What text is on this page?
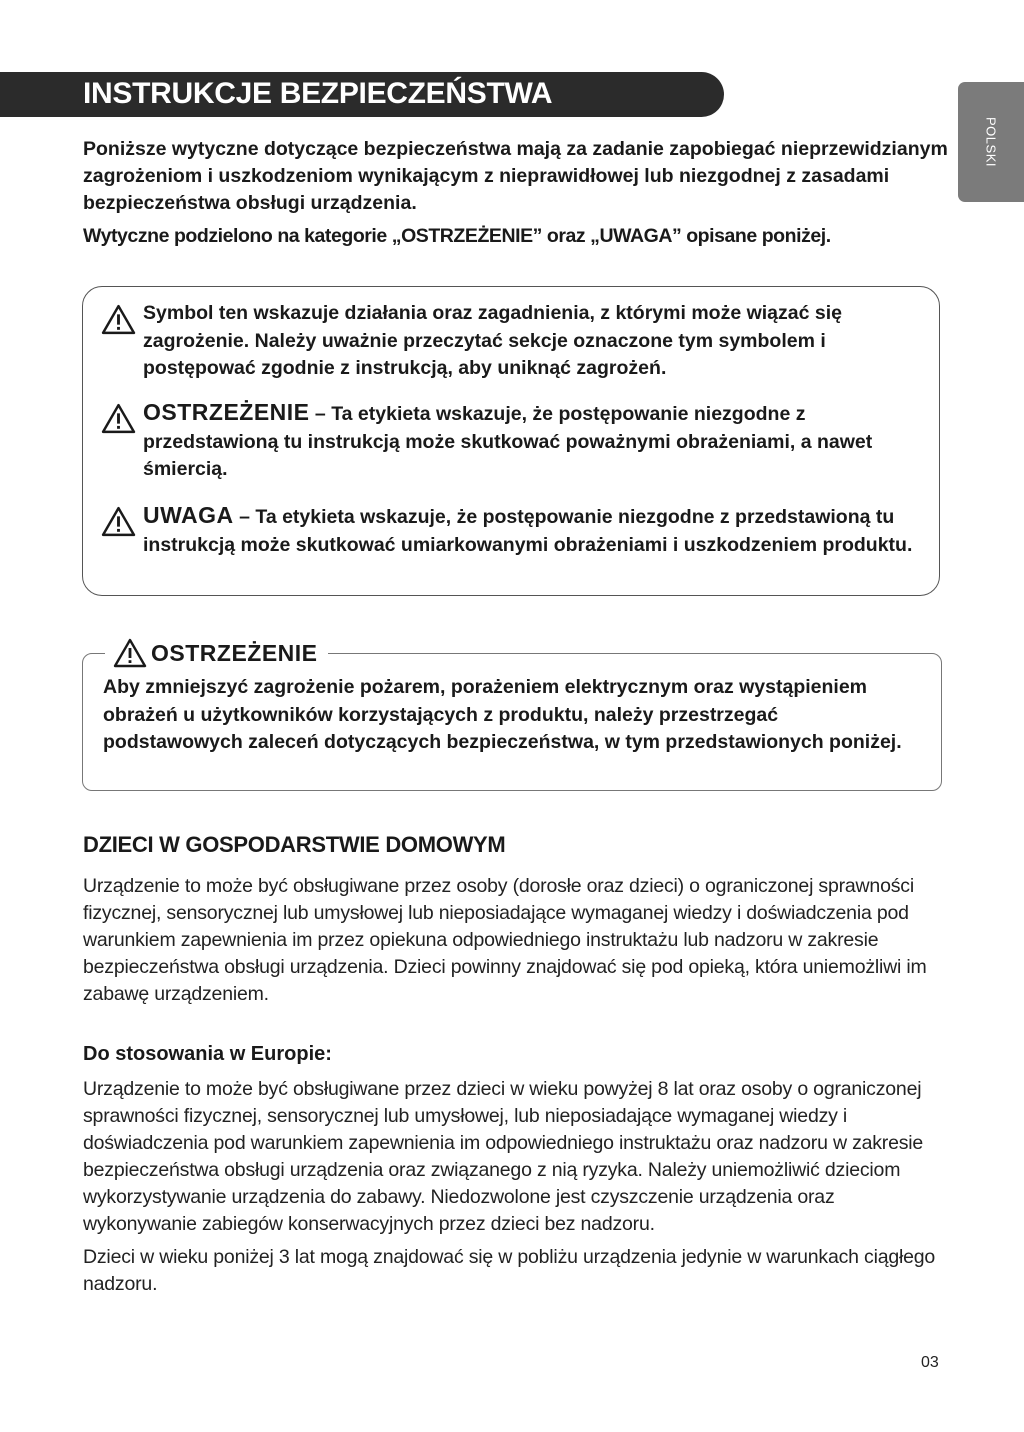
INSTRUKCJE BEZPIECZEŃSTWA
POLSKI

Poniższe wytyczne dotyczące bezpieczeństwa mają za zadanie zapobiegać nieprzewidzianym zagrożeniom i uszkodzeniom wynikającym z nieprawidłowej lub niezgodnej z zasadami bezpieczeństwa obsługi urządzenia.

Wytyczne podzielono na kategorie „OSTRZEŻENIE” oraz „UWAGA” opisane poniżej.

Symbol ten wskazuje działania oraz zagadnienia, z którymi może wiązać się zagrożenie. Należy uważnie przeczytać sekcje oznaczone tym symbolem i postępować zgodnie z instrukcją, aby uniknąć zagrożeń.
OSTRZEŻENIE – Ta etykieta wskazuje, że postępowanie niezgodne z przedstawioną tu instrukcją może skutkować poważnymi obrażeniami, a nawet śmiercią.
UWAGA – Ta etykieta wskazuje, że postępowanie niezgodne z przedstawioną tu instrukcją może skutkować umiarkowanymi obrażeniami i uszkodzeniem produktu.
OSTRZEŻENIE
Aby zmniejszyć zagrożenie pożarem, porażeniem elektrycznym oraz wystąpieniem obrażeń u użytkowników korzystających z produktu, należy przestrzegać podstawowych zaleceń dotyczących bezpieczeństwa, w tym przedstawionych poniżej.
DZIECI W GOSPODARSTWIE DOMOWYM

Urządzenie to może być obsługiwane przez osoby (dorosłe oraz dzieci) o ograniczonej sprawności fizycznej, sensorycznej lub umysłowej lub nieposiadające wymaganej wiedzy i doświadczenia pod warunkiem zapewnienia im przez opiekuna odpowiedniego instruktażu lub nadzoru w zakresie bezpieczeństwa obsługi urządzenia. Dzieci powinny znajdować się pod opieką, która uniemożliwi im zabawę urządzeniem.

Do stosowania w Europie:

Urządzenie to może być obsługiwane przez dzieci w wieku powyżej 8 lat oraz osoby o ograniczonej sprawności fizycznej, sensorycznej lub umysłowej, lub nieposiadające wymaganej wiedzy i doświadczenia pod warunkiem zapewnienia im odpowiedniego instruktażu oraz nadzoru w zakresie bezpieczeństwa obsługi urządzenia oraz związanego z nią ryzyka. Należy uniemożliwić dzieciom wykorzystywanie urządzenia do zabawy. Niedozwolone jest czyszczenie urządzenia oraz wykonywanie zabiegów konserwacyjnych przez dzieci bez nadzoru.

Dzieci w wieku poniżej 3 lat mogą znajdować się w pobliżu urządzenia jedynie w warunkach ciągłego nadzoru.

03
